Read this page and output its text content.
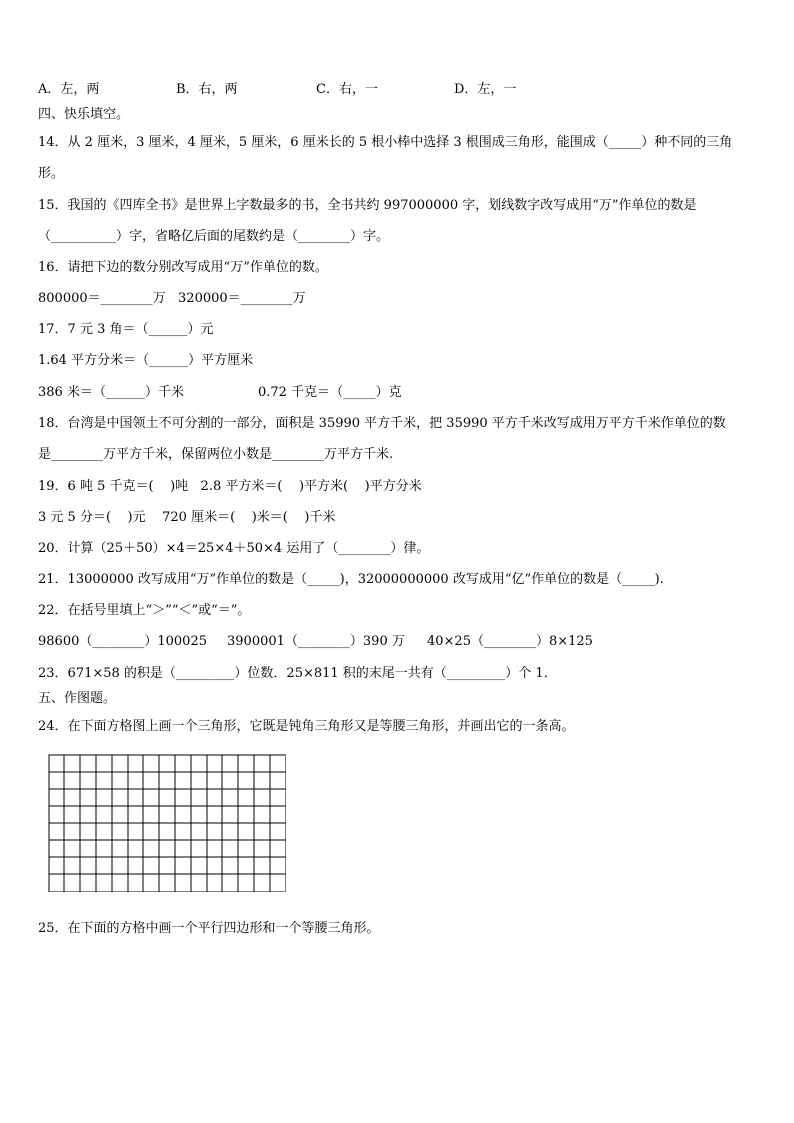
A．左，两	B．右，两	C．右，一	D．左，一
四、快乐填空。
14．从 2 厘米，3 厘米，4 厘米，5 厘米，6 厘米长的 5 根小棒中选择 3 根围成三角形，能围成（_____）种不同的三角
形。
15．我国的《四库全书》是世界上字数最多的书，全书共约 997000000 字，划线数字改写成用“万”作单位的数是
（__________）字，省略亿后面的尾数约是（________）字。
16．请把下边的数分别改写成用“万”作单位的数。
800000＝________万   320000＝________万
17．7 元 3 角＝（______）元
1.64 平方分米＝（______）平方厘米
386 米＝（______）千米	0.72 千克＝（_____）克
18．台湾是中国领土不可分割的一部分，面积是 35990 平方千米，把 35990 平方千米改写成用万平方千米作单位的数
是________万平方千米，保留两位小数是________万平方千米.
19．6 吨 5 千克＝(    )吨   2.8 平方米＝(    )平方米(    )平方分米
3 元 5 分＝(    )元    720 厘米＝(    )米＝(    )千米
20．计算（25＋50）×4＝25×4＋50×4 运用了（________）律。
21．13000000 改写成用“万”作单位的数是（_____)，32000000000 改写成用“亿”作单位的数是（_____).
22．在括号里填上“＞”“＜”或“＝”。
98600（________）100025 3900001（________）390 万 40×25（________）8×125
23．671×58 的积是（_________）位数．25×811 积的末尾一共有（_________）个 1．
五、作图题。
24．在下面方格图上画一个三角形，它既是钝角三角形又是等腰三角形，并画出它的一条高。
25．在下面的方格中画一个平行四边形和一个等腰三角形。
